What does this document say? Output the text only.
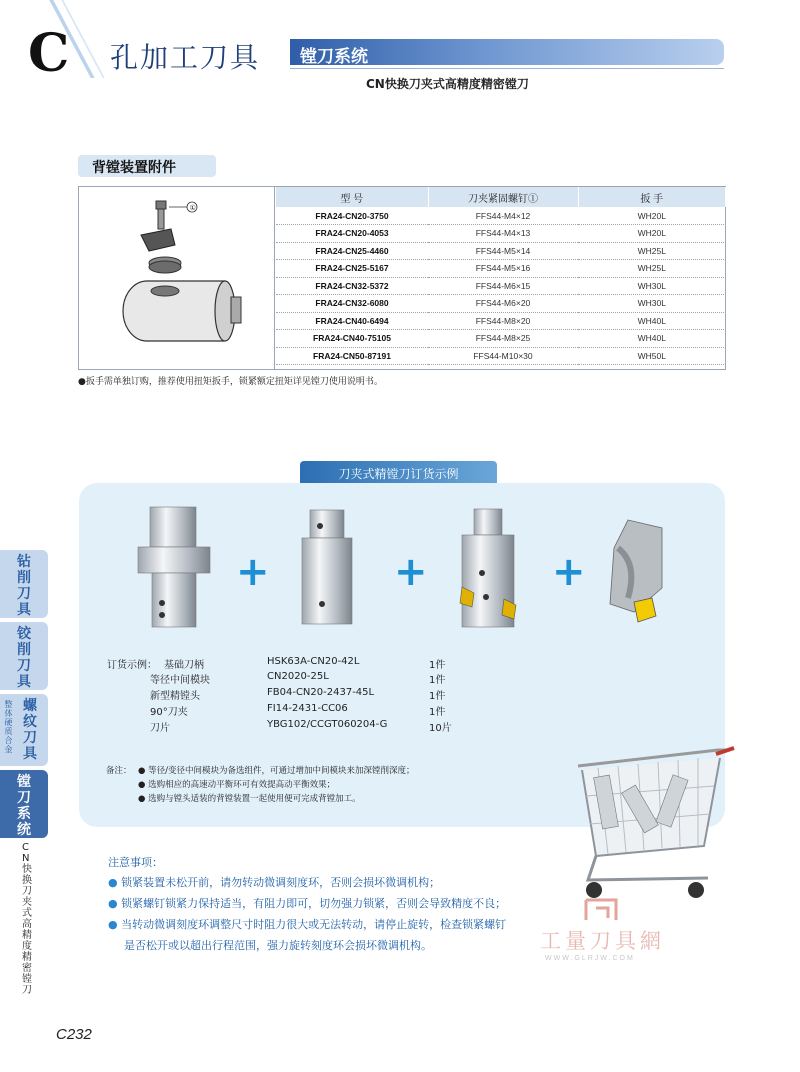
C 孔加工刀具 镗刀系统
CN快换刀夹式高精度精密镗刀
背镗装置附件
①
型 号	刀夹紧固螺钉①	扳 手
FRA24-CN20-3750	FFS44-M4×12	WH20L
FRA24-CN20-4053	FFS44-M4×13	WH20L
FRA24-CN25-4460	FFS44-M5×14	WH25L
FRA24-CN25-5167	FFS44-M5×16	WH25L
FRA24-CN32-5372	FFS44-M6×15	WH30L
FRA24-CN32-6080	FFS44-M6×20	WH30L
FRA24-CN40-6494	FFS44-M8×20	WH40L
FRA24-CN40-75105	FFS44-M8×25	WH40L
FRA24-CN50-87191	FFS44-M10×30	WH50L
●扳手需单独订购，推荐使用扭矩扳手，锁紧额定扭矩详见镗刀使用说明书。
刀夹式精镗刀订货示例
+	+	+
订货示例： 基础刀柄	HSK63A-CN20-42L	1件
等径中间模块	CN2020-25L	1件
新型精镗头	FB04-CN20-2437-45L	1件
90°刀夹	FI14-2431-CC06	1件
刀片	YBG102/CCGT060204-G	10片
备注： ● 等径/变径中间模块为备选组件，可通过增加中间模块来加深镗削深度；
● 选购相应的高速动平衡环可有效提高动平衡效果；
● 选购与镗头适装的背镗装置一起使用便可完成背镗加工。
注意事项：
● 锁紧装置未松开前，请勿转动微调刻度环，否则会损坏微调机构；
● 锁紧螺钉锁紧力保持适当，有阻力即可，切勿强力锁紧，否则会导致精度不良；
● 当转动微调刻度环调整尺寸时阻力很大或无法转动，请停止旋转，检查锁紧螺钉
是否松开或以超出行程范围，强力旋转刻度环会损坏微调机构。	工量刀具網
WWW.GLRJW.COM
钻削刀具
铰削刀具
整体硬质合金
螺纹刀具
镗刀系统
CN快换刀夹式高精度精密镗刀
C232
